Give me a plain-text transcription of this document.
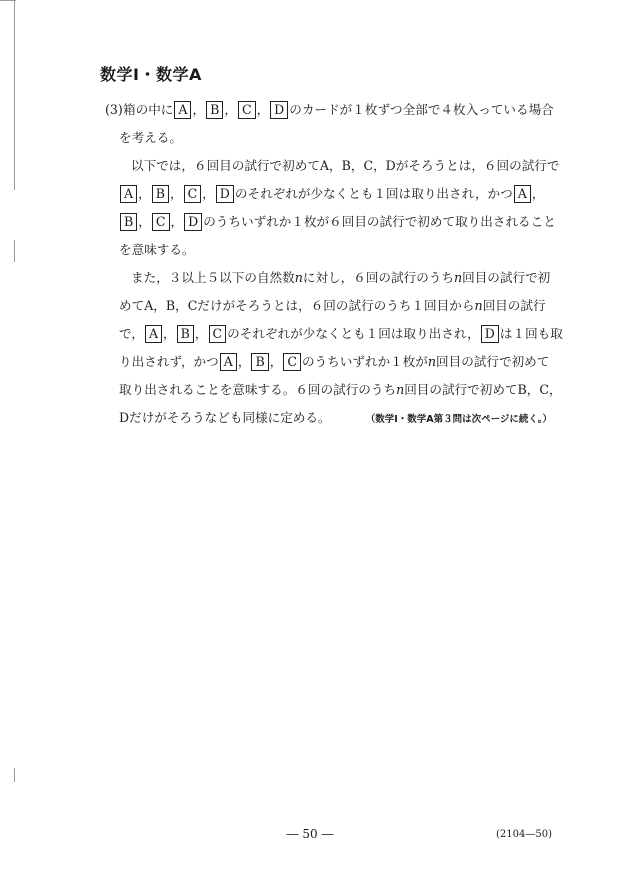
数学Ⅰ・数学A

(3)箱の中に A ， B ， C ， D のカードが１枚ずつ全部で４枚入っている場合
を考える。

以下では，６回目の試行で初めてA，B，C，Dがそろうとは，６回の試行で
A ， B ， C ， D のそれぞれが少なくとも１回は取り出され，かつ A ，
B ， C ， D のうちいずれか１枚が６回目の試行で初めて取り出されること
を意味する。

また，３以上５以下の自然数nに対し，６回の試行のうちn回目の試行で初
めてA，B，Cだけがそろうとは，６回の試行のうち１回目からn回目の試行
で， A ， B ， C のそれぞれが少なくとも１回は取り出され， D は１回も取
り出されず，かつ A ， B ， C のうちいずれか１枚がn回目の試行で初めて
取り出されることを意味する。６回の試行のうちn回目の試行で初めてB，C，
Dだけがそろうなども同様に定める。	（数学Ⅰ・数学A第３問は次ページに続く。）
― 50 ―	(2104—50)
